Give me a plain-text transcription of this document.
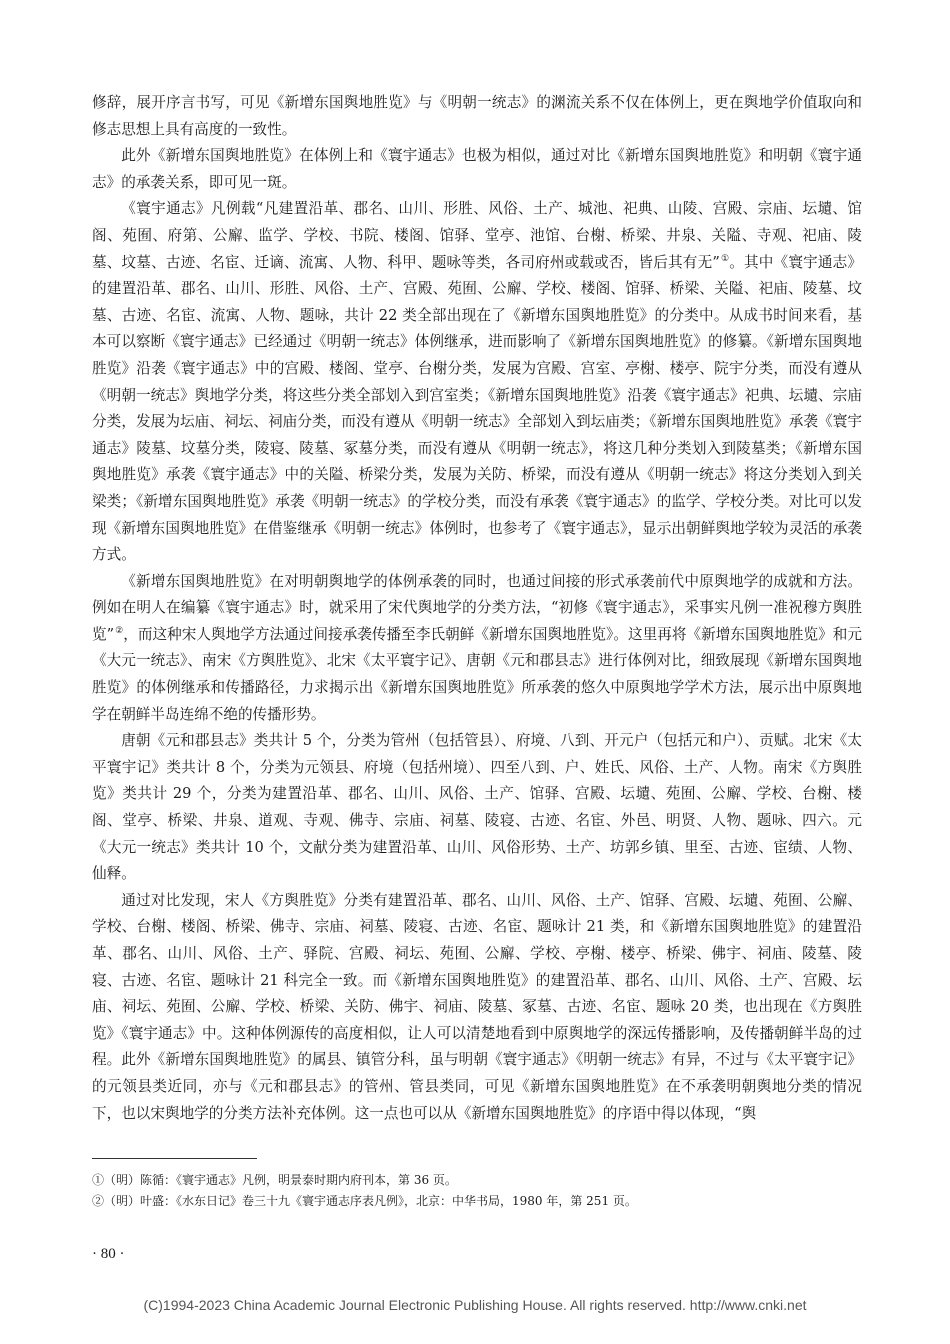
修辞，展开序言书写，可见《新增东国舆地胜览》与《明朝一统志》的渊流关系不仅在体例上，更在舆地学价值取向和修志思想上具有高度的一致性。

此外《新增东国舆地胜览》在体例上和《寰宇通志》也极为相似，通过对比《新增东国舆地胜览》和明朝《寰宇通志》的承袭关系，即可见一斑。

《寰宇通志》凡例载“凡建置沿革、郡名、山川、形胜、风俗、土产、城池、祀典、山陵、宫殿、宗庙、坛壝、馆阁、苑囿、府第、公廨、监学、学校、书院、楼阁、馆驿、堂亭、池馆、台榭、桥梁、井泉、关隘、寺观、祀庙、陵墓、坟墓、古迹、名宦、迁谪、流寓、人物、科甲、题咏等类，各司府州或载或否，皆后其有无”①。其中《寰宇通志》的建置沿革、郡名、山川、形胜、风俗、土产、宫殿、苑囿、公廨、学校、楼阁、馆驿、桥梁、关隘、祀庙、陵墓、坟墓、古迹、名宦、流寓、人物、题咏，共计 22 类全部出现在了《新增东国舆地胜览》的分类中。从成书时间来看，基本可以察断《寰宇通志》已经通过《明朝一统志》体例继承，进而影响了《新增东国舆地胜览》的修纂。《新增东国舆地胜览》沿袭《寰宇通志》中的宫殿、楼阁、堂亭、台榭分类，发展为宫殿、宫室、亭榭、楼亭、院宇分类，而没有遵从《明朝一统志》舆地学分类，将这些分类全部划入到宫室类；《新增东国舆地胜览》沿袭《寰宇通志》祀典、坛壝、宗庙分类，发展为坛庙、祠坛、祠庙分类，而没有遵从《明朝一统志》全部划入到坛庙类；《新增东国舆地胜览》承袭《寰宇通志》陵墓、坟墓分类，陵寝、陵墓、冢墓分类，而没有遵从《明朝一统志》，将这几种分类划入到陵墓类；《新增东国舆地胜览》承袭《寰宇通志》中的关隘、桥梁分类，发展为关防、桥梁，而没有遵从《明朝一统志》将这分类划入到关梁类；《新增东国舆地胜览》承袭《明朝一统志》的学校分类，而没有承袭《寰宇通志》的监学、学校分类。对比可以发现《新增东国舆地胜览》在借鉴继承《明朝一统志》体例时，也参考了《寰宇通志》，显示出朝鲜舆地学较为灵活的承袭方式。

《新增东国舆地胜览》在对明朝舆地学的体例承袭的同时，也通过间接的形式承袭前代中原舆地学的成就和方法。例如在明人在编纂《寰宇通志》时，就采用了宋代舆地学的分类方法，“初修《寰宇通志》，采事实凡例一准祝穆方舆胜览”②，而这种宋人舆地学方法通过间接承袭传播至李氏朝鲜《新增东国舆地胜览》。这里再将《新增东国舆地胜览》和元《大元一统志》、南宋《方舆胜览》、北宋《太平寰宇记》、唐朝《元和郡县志》进行体例对比，细致展现《新增东国舆地胜览》的体例继承和传播路径，力求揭示出《新增东国舆地胜览》所承袭的悠久中原舆地学学术方法，展示出中原舆地学在朝鲜半岛连绵不绝的传播形势。

唐朝《元和郡县志》类共计 5 个，分类为管州（包括管县）、府境、八到、开元户（包括元和户）、贡赋。北宋《太平寰宇记》类共计 8 个，分类为元领县、府境（包括州境）、四至八到、户、姓氏、风俗、土产、人物。南宋《方舆胜览》类共计 29 个，分类为建置沿革、郡名、山川、风俗、土产、馆驿、宫殿、坛壝、苑囿、公廨、学校、台榭、楼阁、堂亭、桥梁、井泉、道观、寺观、佛寺、宗庙、祠墓、陵寝、古迹、名宦、外邑、明贤、人物、题咏、四六。元《大元一统志》类共计 10 个，文献分类为建置沿革、山川、风俗形势、土产、坊郭乡镇、里至、古迹、宦绩、人物、仙释。

通过对比发现，宋人《方舆胜览》分类有建置沿革、郡名、山川、风俗、土产、馆驿、宫殿、坛壝、苑囿、公廨、学校、台榭、楼阁、桥梁、佛寺、宗庙、祠墓、陵寝、古迹、名宦、题咏计 21 类，和《新增东国舆地胜览》的建置沿革、郡名、山川、风俗、土产、驿院、宫殿、祠坛、苑囿、公廨、学校、亭榭、楼亭、桥梁、佛宇、祠庙、陵墓、陵寝、古迹、名宦、题咏计 21 科完全一致。而《新增东国舆地胜览》的建置沿革、郡名、山川、风俗、土产、宫殿、坛庙、祠坛、苑囿、公廨、学校、桥梁、关防、佛宇、祠庙、陵墓、冢墓、古迹、名宦、题咏 20 类，也出现在《方舆胜览》《寰宇通志》中。这种体例源传的高度相似，让人可以清楚地看到中原舆地学的深远传播影响，及传播朝鲜半岛的过程。此外《新增东国舆地胜览》的属县、镇管分科，虽与明朝《寰宇通志》《明朝一统志》有异，不过与《太平寰宇记》的元领县类近同，亦与《元和郡县志》的管州、管县类同，可见《新增东国舆地胜览》在不承袭明朝舆地分类的情况下，也以宋舆地学的分类方法补充体例。这一点也可以从《新增东国舆地胜览》的序语中得以体现，“舆

①（明）陈循：《寰宇通志》凡例，明景泰时期内府刊本，第 36 页。

②（明）叶盛：《水东日记》卷三十九《寰宇通志序表凡例》，北京：中华书局，1980 年，第 251 页。

· 80 ·
(C)1994-2023 China Academic Journal Electronic Publishing House. All rights reserved. http://www.cnki.net
